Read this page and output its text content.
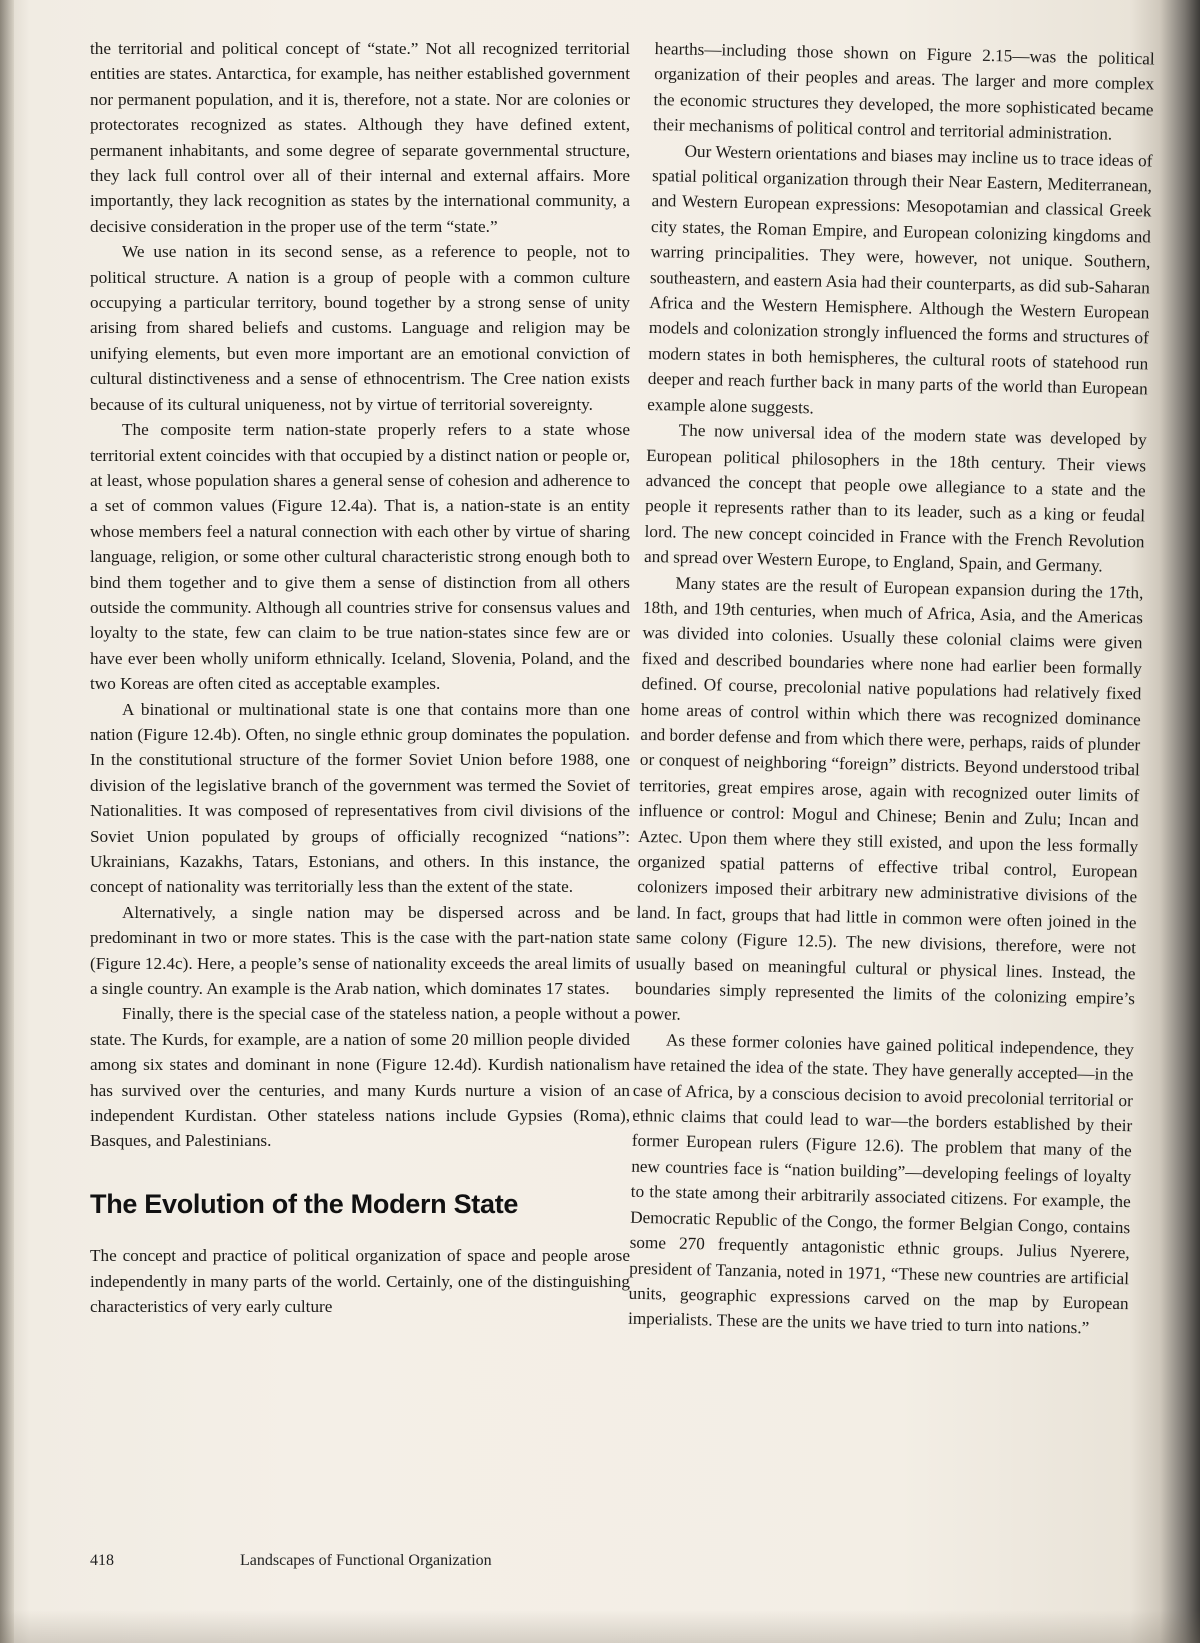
the territorial and political concept of “state.” Not all recognized territorial entities are states. Antarctica, for example, has neither established government nor permanent population, and it is, therefore, not a state. Nor are colonies or protectorates recognized as states. Although they have defined extent, permanent inhabitants, and some degree of separate governmental structure, they lack full control over all of their internal and external affairs. More importantly, they lack recognition as states by the international community, a decisive consideration in the proper use of the term “state.”

We use nation in its second sense, as a reference to people, not to political structure. A nation is a group of people with a common culture occupying a particular territory, bound together by a strong sense of unity arising from shared beliefs and customs. Language and religion may be unifying elements, but even more important are an emotional conviction of cultural distinctiveness and a sense of ethnocentrism. The Cree nation exists because of its cultural uniqueness, not by virtue of territorial sovereignty.

The composite term nation-state properly refers to a state whose territorial extent coincides with that occupied by a distinct nation or people or, at least, whose population shares a general sense of cohesion and adherence to a set of common values (Figure 12.4a). That is, a nation-state is an entity whose members feel a natural connection with each other by virtue of sharing language, religion, or some other cultural characteristic strong enough both to bind them together and to give them a sense of distinction from all others outside the community. Although all countries strive for consensus values and loyalty to the state, few can claim to be true nation-states since few are or have ever been wholly uniform ethnically. Iceland, Slovenia, Poland, and the two Koreas are often cited as acceptable examples.

A binational or multinational state is one that contains more than one nation (Figure 12.4b). Often, no single ethnic group dominates the population. In the constitutional structure of the former Soviet Union before 1988, one division of the legislative branch of the government was termed the Soviet of Nationalities. It was composed of representatives from civil divisions of the Soviet Union populated by groups of officially recognized “nations”: Ukrainians, Kazakhs, Tatars, Estonians, and others. In this instance, the concept of nationality was territorially less than the extent of the state.

Alternatively, a single nation may be dispersed across and be predominant in two or more states. This is the case with the part-nation state (Figure 12.4c). Here, a people’s sense of nationality exceeds the areal limits of a single country. An example is the Arab nation, which dominates 17 states.

Finally, there is the special case of the stateless nation, a people without a state. The Kurds, for example, are a nation of some 20 million people divided among six states and dominant in none (Figure 12.4d). Kurdish nationalism has survived over the centuries, and many Kurds nurture a vision of an independent Kurdistan. Other stateless nations include Gypsies (Roma), Basques, and Palestinians.

The Evolution of the Modern State

The concept and practice of political organization of space and people arose independently in many parts of the world. Certainly, one of the distinguishing characteristics of very early culture

hearths—including those shown on Figure 2.15—was the political organization of their peoples and areas. The larger and more complex the economic structures they developed, the more sophisticated became their mechanisms of political control and territorial administration.

Our Western orientations and biases may incline us to trace ideas of spatial political organization through their Near Eastern, Mediterranean, and Western European expressions: Mesopotamian and classical Greek city states, the Roman Empire, and European colonizing kingdoms and warring principalities. They were, however, not unique. Southern, southeastern, and eastern Asia had their counterparts, as did sub-Saharan Africa and the Western Hemisphere. Although the Western European models and colonization strongly influenced the forms and structures of modern states in both hemispheres, the cultural roots of statehood run deeper and reach further back in many parts of the world than European example alone suggests.

The now universal idea of the modern state was developed by European political philosophers in the 18th century. Their views advanced the concept that people owe allegiance to a state and the people it represents rather than to its leader, such as a king or feudal lord. The new concept coincided in France with the French Revolution and spread over Western Europe, to England, Spain, and Germany.

Many states are the result of European expansion during the 17th, 18th, and 19th centuries, when much of Africa, Asia, and the Americas was divided into colonies. Usually these colonial claims were given fixed and described boundaries where none had earlier been formally defined. Of course, precolonial native populations had relatively fixed home areas of control within which there was recognized dominance and border defense and from which there were, perhaps, raids of plunder or conquest of neighboring “foreign” districts. Beyond understood tribal territories, great empires arose, again with recognized outer limits of influence or control: Mogul and Chinese; Benin and Zulu; Incan and Aztec. Upon them where they still existed, and upon the less formally organized spatial patterns of effective tribal control, European colonizers imposed their arbitrary new administrative divisions of the land. In fact, groups that had little in common were often joined in the same colony (Figure 12.5). The new divisions, therefore, were not usually based on meaningful cultural or physical lines. Instead, the boundaries simply represented the limits of the colonizing empire’s power.

As these former colonies have gained political independence, they have retained the idea of the state. They have generally accepted—in the case of Africa, by a conscious decision to avoid precolonial territorial or ethnic claims that could lead to war—the borders established by their former European rulers (Figure 12.6). The problem that many of the new countries face is “nation building”—developing feelings of loyalty to the state among their arbitrarily associated citizens. For example, the Democratic Republic of the Congo, the former Belgian Congo, contains some 270 frequently antagonistic ethnic groups. Julius Nyerere, president of Tanzania, noted in 1971, “These new countries are artificial units, geographic expressions carved on the map by European imperialists. These are the units we have tried to turn into nations.”

418	Landscapes of Functional Organization
